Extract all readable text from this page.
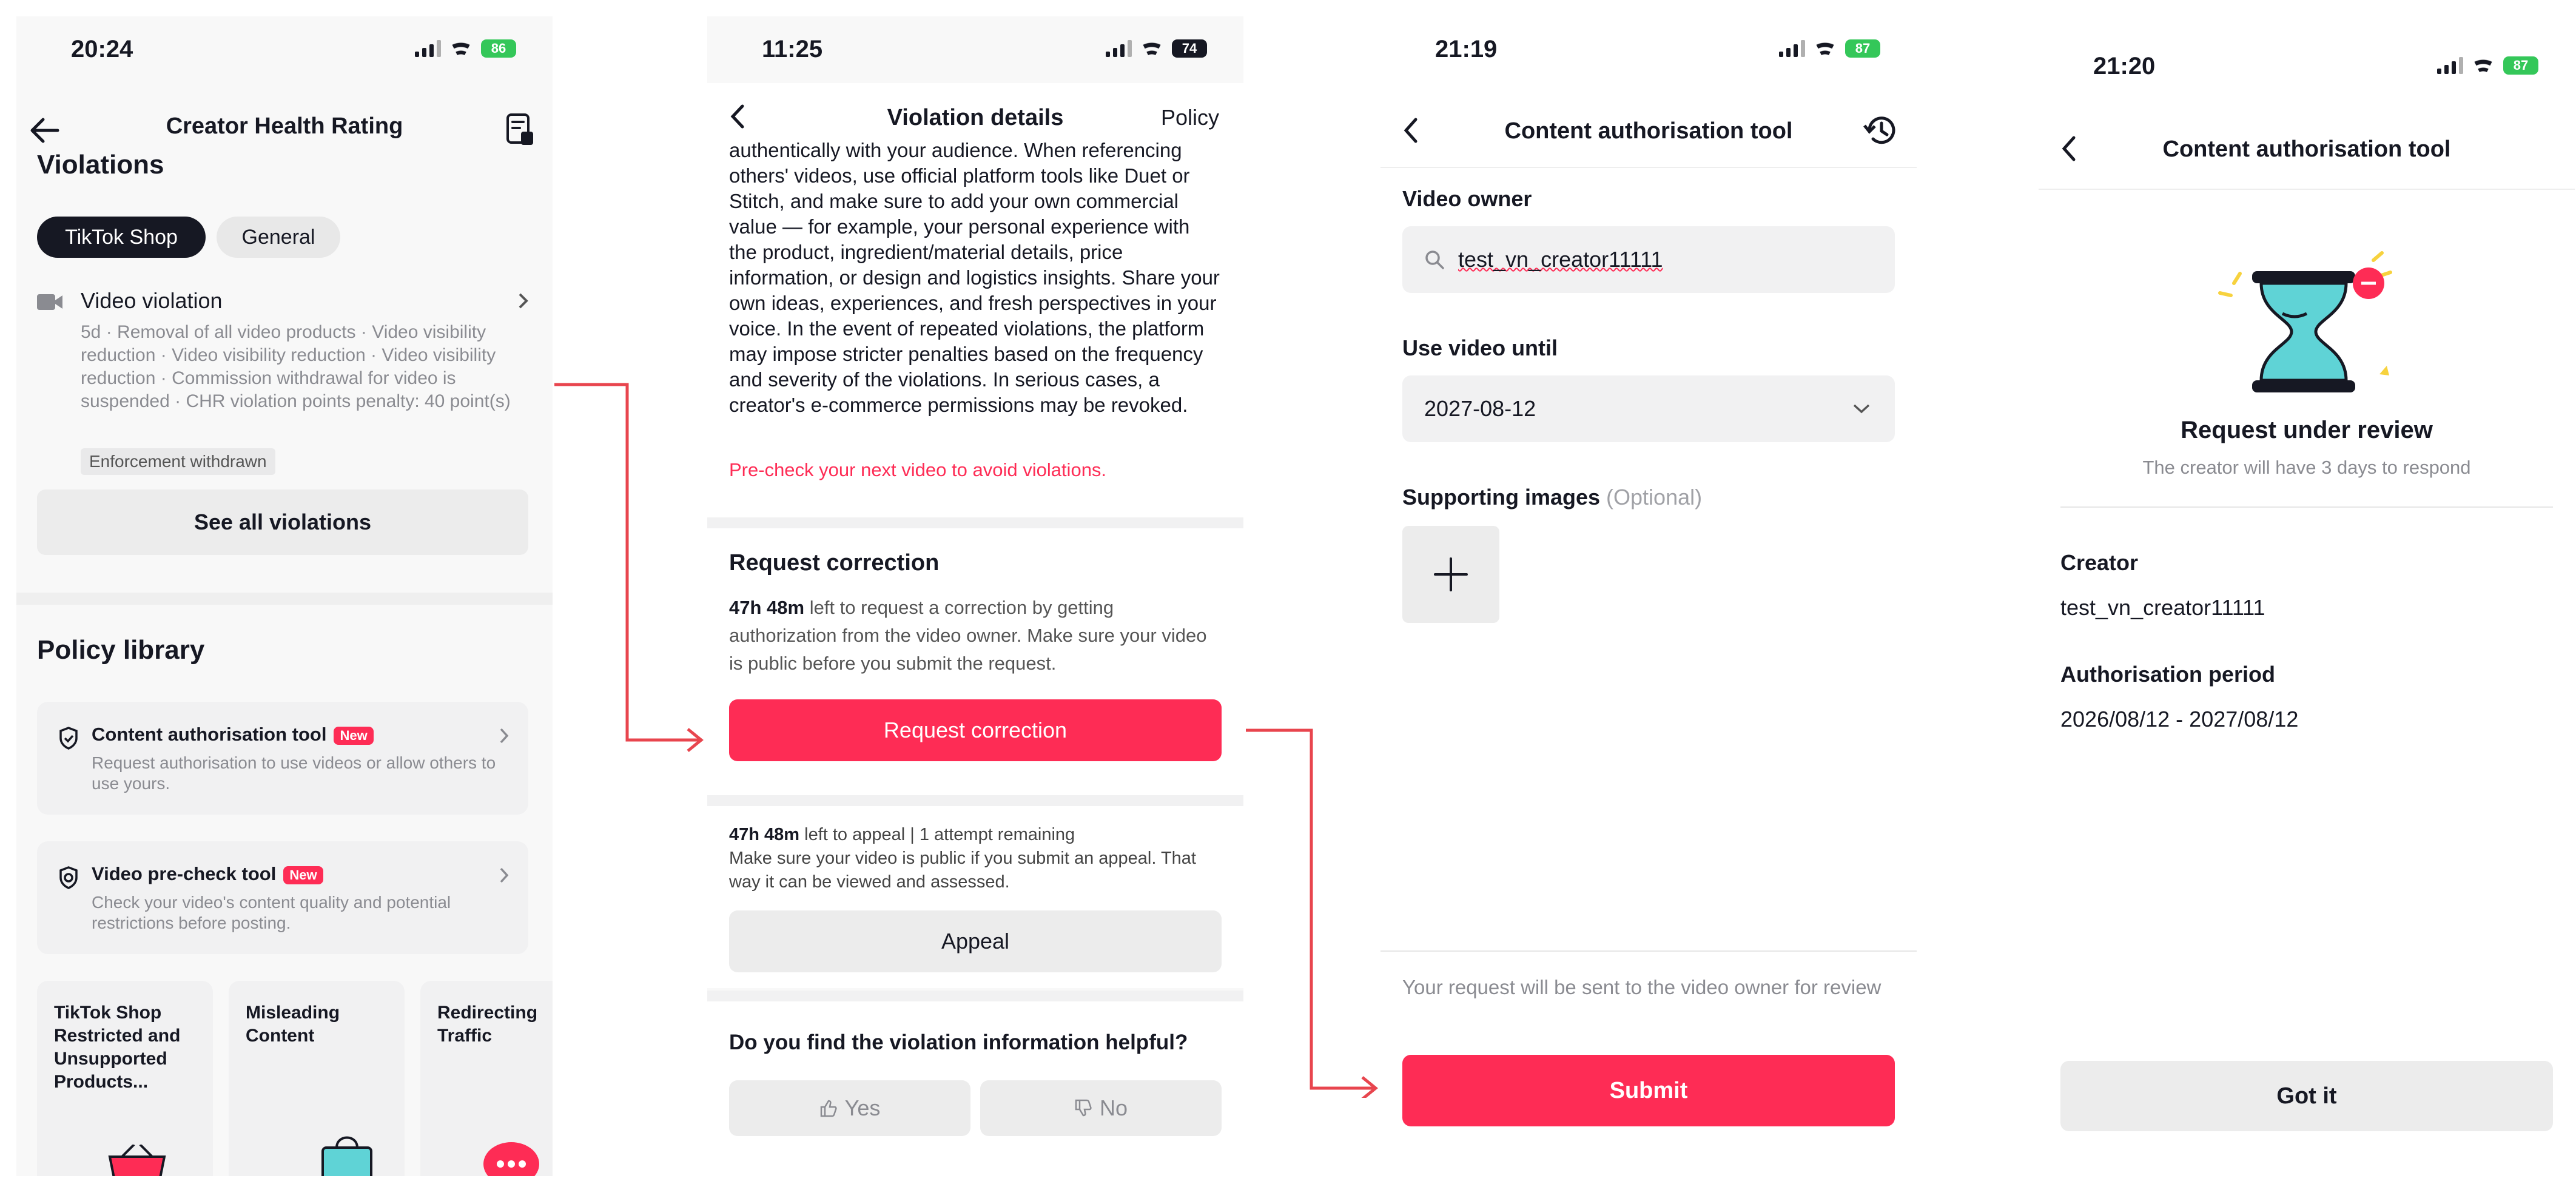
20:24	86
Creator Health Rating
Violations
TikTok Shop	General
Video violation
5d · Removal of all video products · Video visibility reduction · Video visibility reduction · Video visibility reduction · Commission withdrawal for video is suspended · CHR violation points penalty: 40 point(s)
Enforcement withdrawn
See all violations
Policy library
Content authorisation tool New
Request authorisation to use videos or allow others to use yours.
Video pre-check tool New
Check your video's content quality and potential restrictions before posting.
TikTok Shop Restricted and Unsupported Products...
Misleading Content
Redirecting Traffic
11:25	74
Violation details	Policy
authentically with your audience. When referencing others' videos, use official platform tools like Duet or Stitch, and make sure to add your own commercial value — for example, your personal experience with the product, ingredient/material details, price information, or design and logistics insights. Share your own ideas, experiences, and fresh perspectives in your voice. In the event of repeated violations, the platform may impose stricter penalties based on the frequency and severity of the violations. In serious cases, a creator's e-commerce permissions may be revoked.
Pre-check your next video to avoid violations.
Request correction
47h 48m left to request a correction by getting authorization from the video owner. Make sure your video is public before you submit the request.
Request correction
47h 48m left to appeal | 1 attempt remaining
Make sure your video is public if you submit an appeal. That way it can be viewed and assessed.
Appeal
Do you find the violation information helpful?
Yes	No
21:19	87
Content authorisation tool
Video owner
test_vn_creator11111
Use video until
2027-08-12
Supporting images (Optional)
Your request will be sent to the video owner for review
Submit
21:20	87
Content authorisation tool
Request under review
The creator will have 3 days to respond
Creator
test_vn_creator11111
Authorisation period
2026/08/12 - 2027/08/12
Got it
